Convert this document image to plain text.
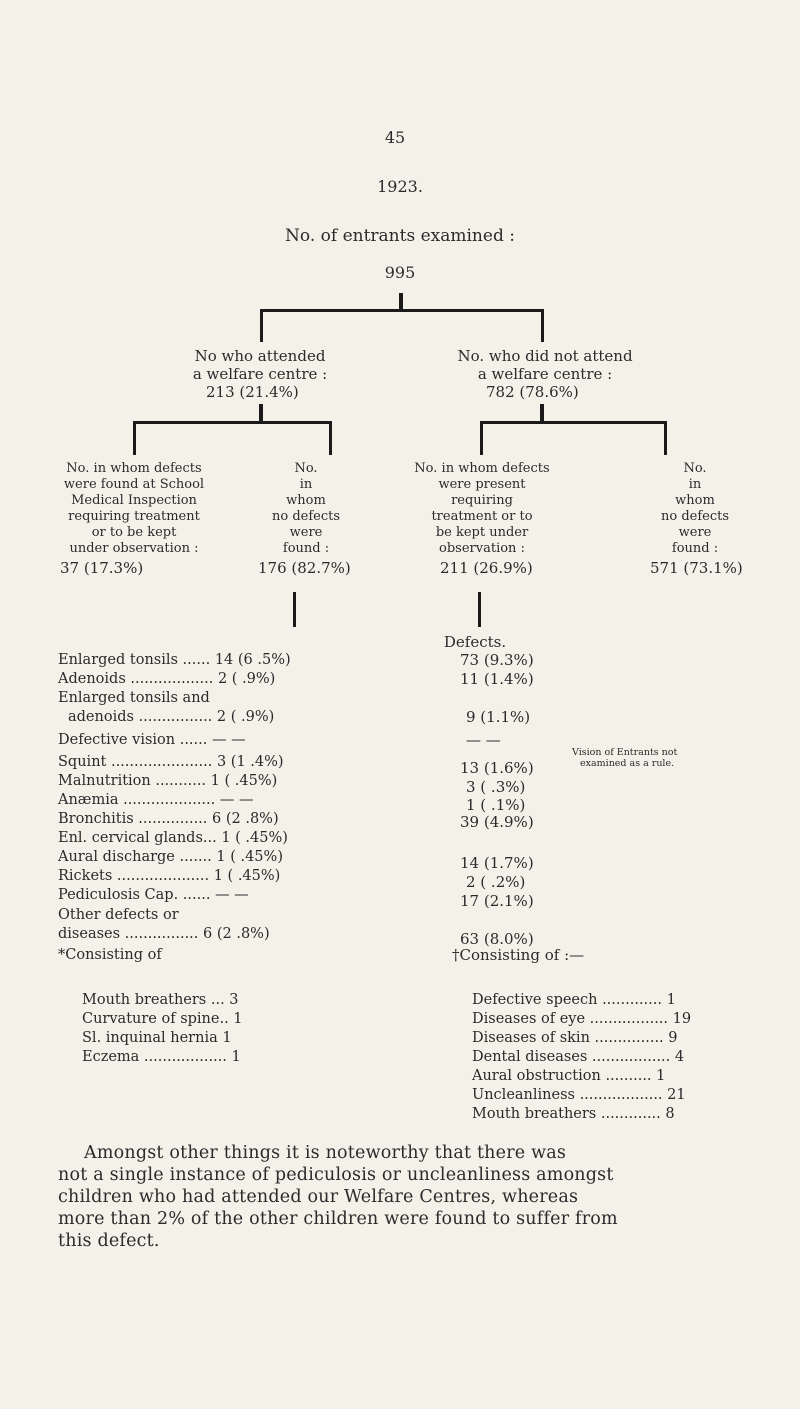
45
1923.
No. of entrants examined :
995
No who attended
a welfare centre :
213 (21.4%)
No. who did not attend
a welfare centre :
782 (78.6%)
No. in whom defects
were found at School
Medical Inspection
requiring treatment
or to be kept
under observation :
37 (17.3%)
No.
in
whom
no defects
were
found :
176 (82.7%)
No. in whom defects
were present
requiring
treatment or to
be kept under
observation :
211 (26.9%)
No.
in
whom
no defects
were
found :
571 (73.1%)
Defects.
Enlarged tonsils ...... 14 (6 .5%)	73 (9.3%)
Adenoids .................. 2 ( .9%)	11 (1.4%)
Enlarged tonsils and
adenoids ................ 2 ( .9%)	9 (1.1%)
Defective vision ...... — —	— —
Squint ...................... 3 (1 .4%)	13 (1.6%)
Malnutrition ........... 1 ( .45%)	3 ( .3%)
Anæmia .................... — —	1 ( .1%)
Bronchitis ............... 6 (2 .8%)	39 (4.9%)
Enl. cervical glands... 1 ( .45%)
Aural discharge ....... 1 ( .45%)	14 (1.7%)
Rickets .................... 1 ( .45%)	2 ( .2%)
Pediculosis Cap. ...... — —	17 (2.1%)
Other defects or
diseases ................ 6 (2 .8%)	63 (8.0%)
*Consisting of	†Consisting of :—
Vision of Entrants not
examined as a rule.
Mouth breathers ... 3
Curvature of spine.. 1
Sl. inquinal hernia 1
Eczema .................. 1
Defective speech ............. 1
Diseases of eye ................. 19
Diseases of skin ............... 9
Dental diseases ................. 4
Aural obstruction .......... 1
Uncleanliness .................. 21
Mouth breathers ............. 8
Amongst other things it is noteworthy that there was
not a single instance of pediculosis or uncleanliness amongst
children who had attended our Welfare Centres, whereas
more than 2% of the other children were found to suffer from
this defect.
